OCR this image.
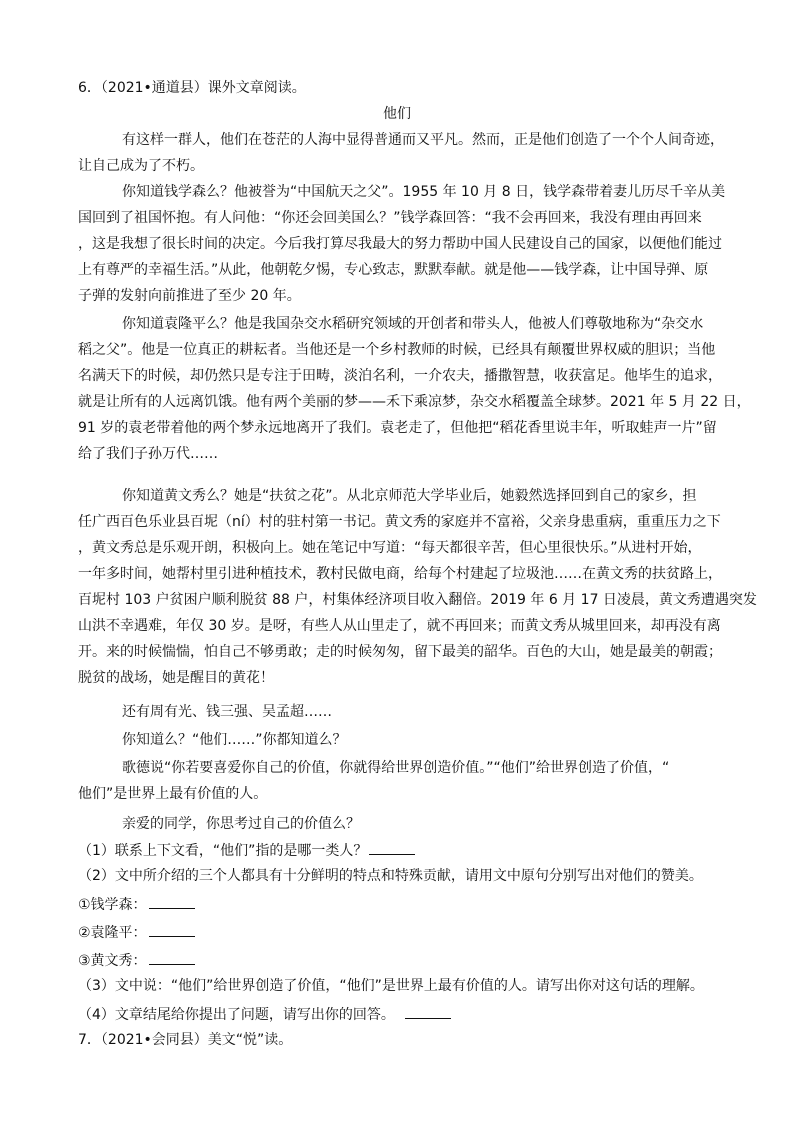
6．（2021•通道县）课外文章阅读。
他们
有这样一群人，他们在苍茫的人海中显得普通而又平凡。然而，正是他们创造了一个个人间奇迹，
让自己成为了不朽。
你知道钱学森么？他被誉为“中国航天之父”。1955 年 10 月 8 日，钱学森带着妻儿历尽千辛从美
国回到了祖国怀抱。有人问他：“你还会回美国么？”钱学森回答：“我不会再回来，我没有理由再回来
，这是我想了很长时间的决定。今后我打算尽我最大的努力帮助中国人民建设自己的国家，以便他们能过
上有尊严的幸福生活。”从此，他朝乾夕惕，专心致志，默默奉献。就是他——钱学森，让中国导弹、原
子弹的发射向前推进了至少 20 年。
你知道袁隆平么？他是我国杂交水稻研究领域的开创者和带头人，他被人们尊敬地称为“杂交水
稻之父”。他是一位真正的耕耘者。当他还是一个乡村教师的时候，已经具有颠覆世界权威的胆识；当他
名满天下的时候，却仍然只是专注于田畴，淡泊名利，一介农夫，播撒智慧，收获富足。他毕生的追求，
就是让所有的人远离饥饿。他有两个美丽的梦——禾下乘凉梦，杂交水稻覆盖全球梦。2021 年 5 月 22 日，
91 岁的袁老带着他的两个梦永远地离开了我们。袁老走了，但他把“稻花香里说丰年，听取蛙声一片”留
给了我们子孙万代……
你知道黄文秀么？她是“扶贫之花”。从北京师范大学毕业后，她毅然选择回到自己的家乡，担
任广西百色乐业县百坭（ní）村的驻村第一书记。黄文秀的家庭并不富裕，父亲身患重病，重重压力之下
，黄文秀总是乐观开朗，积极向上。她在笔记中写道：“每天都很辛苦，但心里很快乐。”从进村开始，
一年多时间，她帮村里引进种植技术，教村民做电商，给每个村建起了垃圾池……在黄文秀的扶贫路上，
百坭村 103 户贫困户顺利脱贫 88 户，村集体经济项目收入翻倍。2019 年 6 月 17 日凌晨，黄文秀遭遇突发
山洪不幸遇难，年仅 30 岁。是呀，有些人从山里走了，就不再回来；而黄文秀从城里回来，却再没有离
开。来的时候惴惴，怕自己不够勇敢；走的时候匆匆，留下最美的韶华。百色的大山，她是最美的朝霞；
脱贫的战场，她是醒目的黄花！
还有周有光、钱三强、吴孟超……
你知道么？“他们……”你都知道么？
歌德说“你若要喜爱你自己的价值，你就得给世界创造价值。”“他们”给世界创造了价值，“
他们”是世界上最有价值的人。
亲爱的同学，你思考过自己的价值么？
（1）联系上下文看，“他们”指的是哪一类人？
（2）文中所介绍的三个人都具有十分鲜明的特点和特殊贡献，请用文中原句分别写出对他们的赞美。
①钱学森：
②袁隆平：
③黄文秀：
（3）文中说：“他们”给世界创造了价值，“他们”是世界上最有价值的人。请写出你对这句话的理解。
（4）文章结尾给你提出了问题，请写出你的回答。
7．（2021•会同县）美文“悦”读。
